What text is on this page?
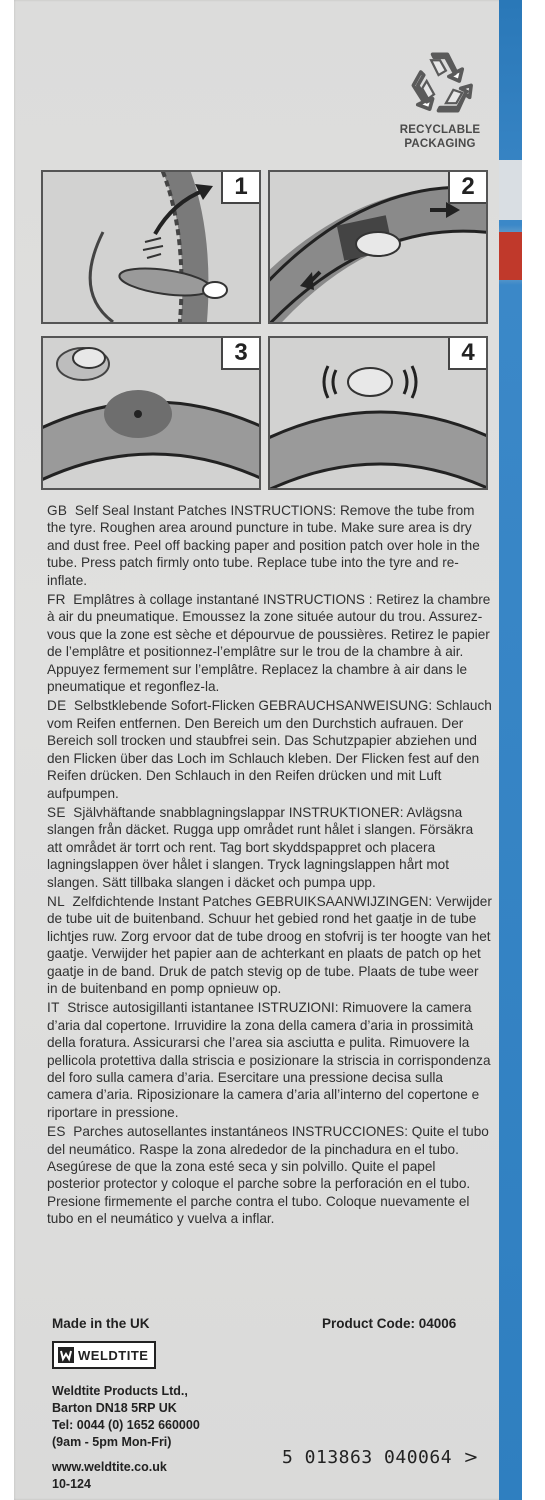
RECYCLABLE
PACKAGING
1	2
3	4

GB Self Seal Instant Patches INSTRUCTIONS: Remove the tube from the tyre. Roughen area around puncture in tube. Make sure area is dry and dust free. Peel off backing paper and position patch over hole in the tube. Press patch firmly onto tube. Replace tube into the tyre and re-inflate.

FR Emplâtres à collage instantané INSTRUCTIONS : Retirez la chambre à air du pneumatique. Emoussez la zone située autour du trou. Assurez-vous que la zone est sèche et dépourvue de poussières. Retirez le papier de l’emplâtre et positionnez-l’emplâtre sur le trou de la chambre à air. Appuyez fermement sur l’emplâtre. Replacez la chambre à air dans le pneumatique et regonflez-la.

DE Selbstklebende Sofort-Flicken GEBRAUCHSANWEISUNG: Schlauch vom Reifen entfernen. Den Bereich um den Durchstich aufrauen. Der Bereich soll trocken und staubfrei sein. Das Schutzpapier abziehen und den Flicken über das Loch im Schlauch kleben. Der Flicken fest auf den Reifen drücken. Den Schlauch in den Reifen drücken und mit Luft aufpumpen.

SE Självhäftande snabblagningslappar INSTRUKTIONER: Avlägsna slangen från däcket. Rugga upp området runt hålet i slangen. Försäkra att området är torrt och rent. Tag bort skyddspappret och placera lagningslappen över hålet i slangen. Tryck lagningslappen hårt mot slangen. Sätt tillbaka slangen i däcket och pumpa upp.

NL Zelfdichtende Instant Patches GEBRUIKSAANWIJZINGEN: Verwijder de tube uit de buitenband. Schuur het gebied rond het gaatje in de tube lichtjes ruw. Zorg ervoor dat de tube droog en stofvrij is ter hoogte van het gaatje. Verwijder het papier aan de achterkant en plaats de patch op het gaatje in de band. Druk de patch stevig op de tube. Plaats de tube weer in de buitenband en pomp opnieuw op.

IT Strisce autosigillanti istantanee ISTRUZIONI: Rimuovere la camera d’aria dal copertone. Irruvidire la zona della camera d’aria in prossimità della foratura. Assicurarsi che l’area sia asciutta e pulita. Rimuovere la pellicola protettiva dalla striscia e posizionare la striscia in corrispondenza del foro sulla camera d’aria. Esercitare una pressione decisa sulla camera d’aria. Riposizionare la camera d’aria all’interno del copertone e riportare in pressione.

ES Parches autosellantes instantáneos INSTRUCCIONES: Quite el tubo del neumático. Raspe la zona alrededor de la pinchadura en el tubo. Asegúrese de que la zona esté seca y sin polvillo. Quite el papel posterior protector y coloque el parche sobre la perforación en el tubo. Presione firmemente el parche contra el tubo. Coloque nuevamente el tubo en el neumático y vuelva a inflar.

Made in the UK
WELDTITE
Weldtite Products Ltd.,
Barton DN18 5RP UK
Tel: 0044 (0) 1652 660000
(9am - 5pm Mon-Fri)
www.weldtite.co.uk
10-124
Product Code: 04006
5 013863 040064 >
